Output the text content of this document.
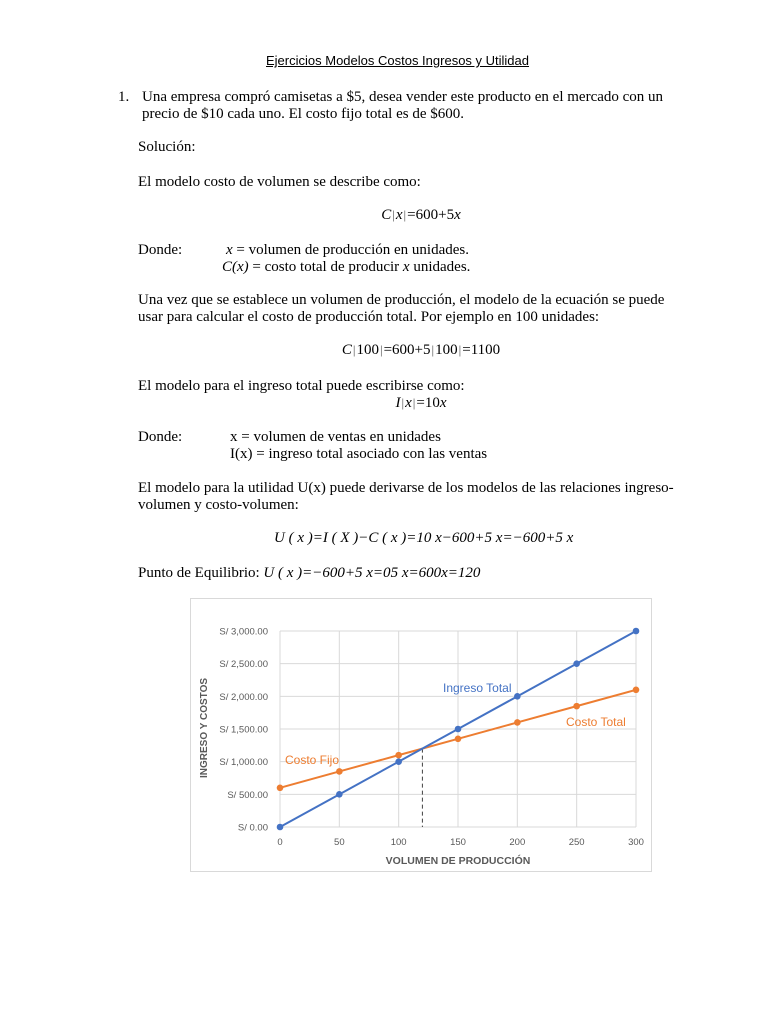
Ejercicios Modelos Costos Ingresos y Utilidad
1. Una empresa compró camisetas a $5, desea vender este producto en el mercado con un
precio de $10 cada uno. El costo fijo total es de $600.
Solución:
El modelo costo de volumen se describe como:
C|x|=600+5x
Donde:	x = volumen de producción en unidades.
C(x) = costo total de producir x unidades.
Una vez que se establece un volumen de producción, el modelo de la ecuación se puede
usar para calcular el costo de producción total. Por ejemplo en 100 unidades:
C|100|=600+5|100|=1100
El modelo para el ingreso total puede escribirse como:
I|x|=10x
Donde:	x = volumen de ventas en unidades
I(x) = ingreso total asociado con las ventas
El modelo para la utilidad U(x) puede derivarse de los modelos de las relaciones ingreso-
volumen y costo-volumen:
U ( x )=I ( X )−C ( x )=10 x−600+5 x=−600+5 x
Punto de Equilibrio: U ( x )=−600+5 x=05 x=600x=120
S/ 0.00
S/ 500.00
S/ 1,000.00
S/ 1,500.00
S/ 2,000.00
S/ 2,500.00
S/ 3,000.00
0	50	100	150	200	250	300
INGRESO Y COSTOS
VOLUMEN DE PRODUCCIÓN
Ingreso Total
Costo Total
Costo Fijo
